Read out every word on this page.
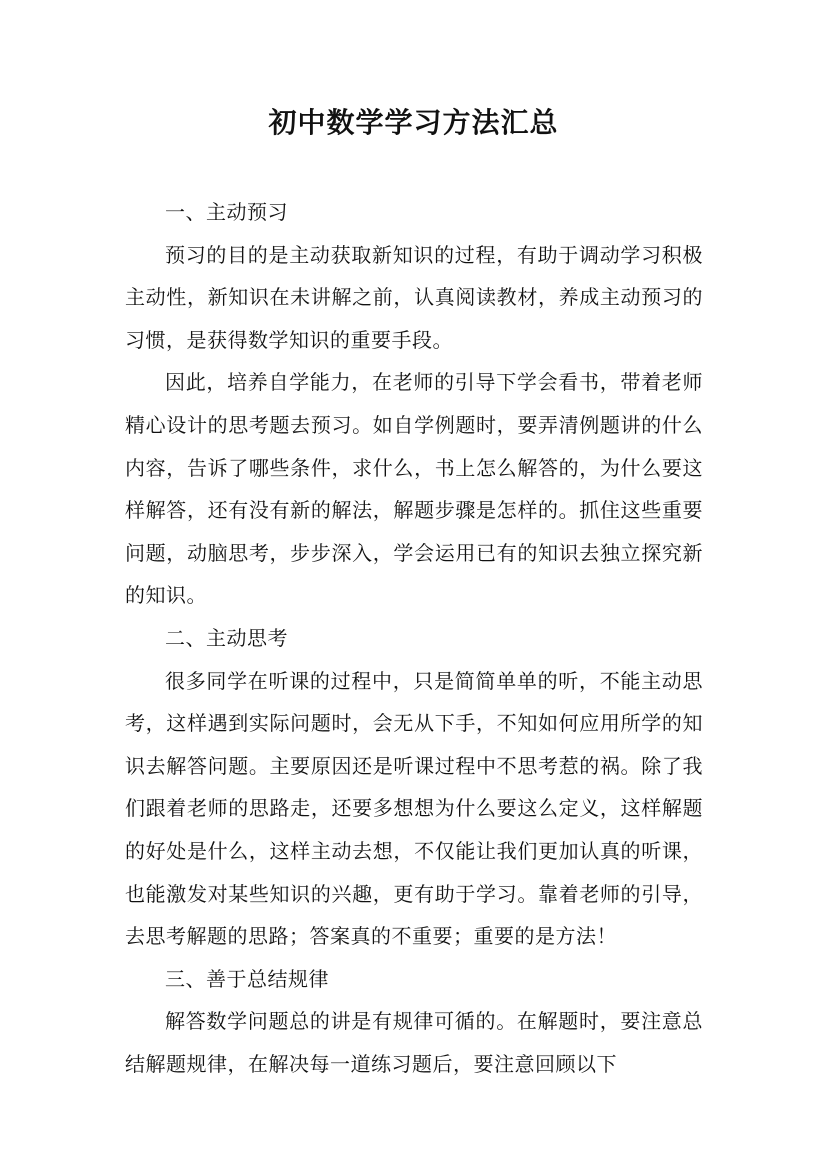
初中数学学习方法汇总

一、主动预习

预习的目的是主动获取新知识的过程，有助于调动学习积极主动性，新知识在未讲解之前，认真阅读教材，养成主动预习的习惯，是获得数学知识的重要手段。

因此，培养自学能力，在老师的引导下学会看书，带着老师精心设计的思考题去预习。如自学例题时，要弄清例题讲的什么内容，告诉了哪些条件，求什么，书上怎么解答的，为什么要这样解答，还有没有新的解法，解题步骤是怎样的。抓住这些重要问题，动脑思考，步步深入，学会运用已有的知识去独立探究新的知识。

二、主动思考

很多同学在听课的过程中，只是简简单单的听，不能主动思考，这样遇到实际问题时，会无从下手，不知如何应用所学的知识去解答问题。主要原因还是听课过程中不思考惹的祸。除了我们跟着老师的思路走，还要多想想为什么要这么定义，这样解题的好处是什么，这样主动去想，不仅能让我们更加认真的听课，也能激发对某些知识的兴趣，更有助于学习。靠着老师的引导，去思考解题的思路；答案真的不重要；重要的是方法！

三、善于总结规律

解答数学问题总的讲是有规律可循的。在解题时，要注意总结解题规律，在解决每一道练习题后，要注意回顾以下
